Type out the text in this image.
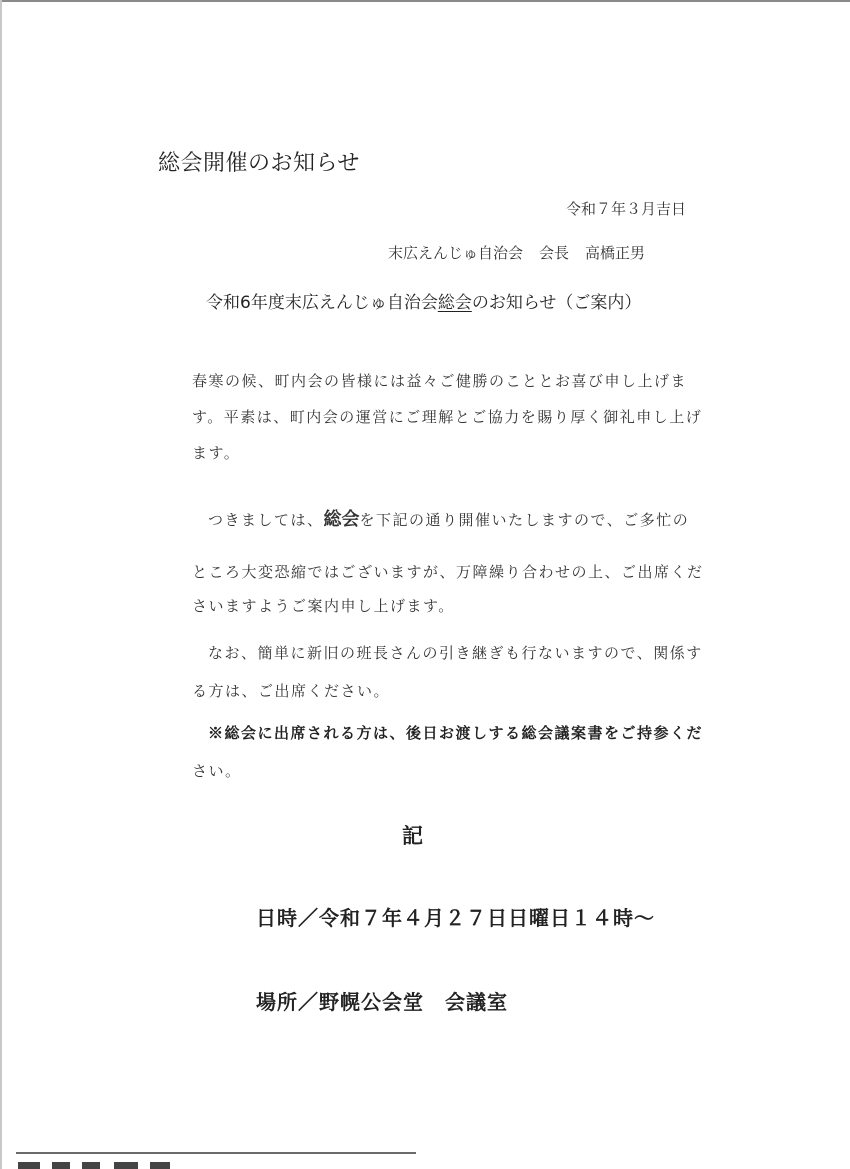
総会開催のお知らせ
令和７年３月吉日
末広えんじゅ自治会 会長 高橋正男
令和6年度末広えんじゅ自治会総会のお知らせ（ご案内）
春寒の候、町内会の皆様には益々ご健勝のこととお喜び申し上げま
す。平素は、町内会の運営にご理解とご協力を賜り厚く御礼申し上げ
ます。
つきましては、総会を下記の通り開催いたしますので、ご多忙の
ところ大変恐縮ではございますが、万障繰り合わせの上、ご出席くだ
さいますようご案内申し上げます。
なお、簡単に新旧の班長さんの引き継ぎも行ないますので、関係す
る方は、ご出席ください。
※総会に出席される方は、後日お渡しする総会議案書をご持参くだ
さい。
記
日時／令和７年４月２７日日曜日１４時～
場所／野幌公会堂　会議室
